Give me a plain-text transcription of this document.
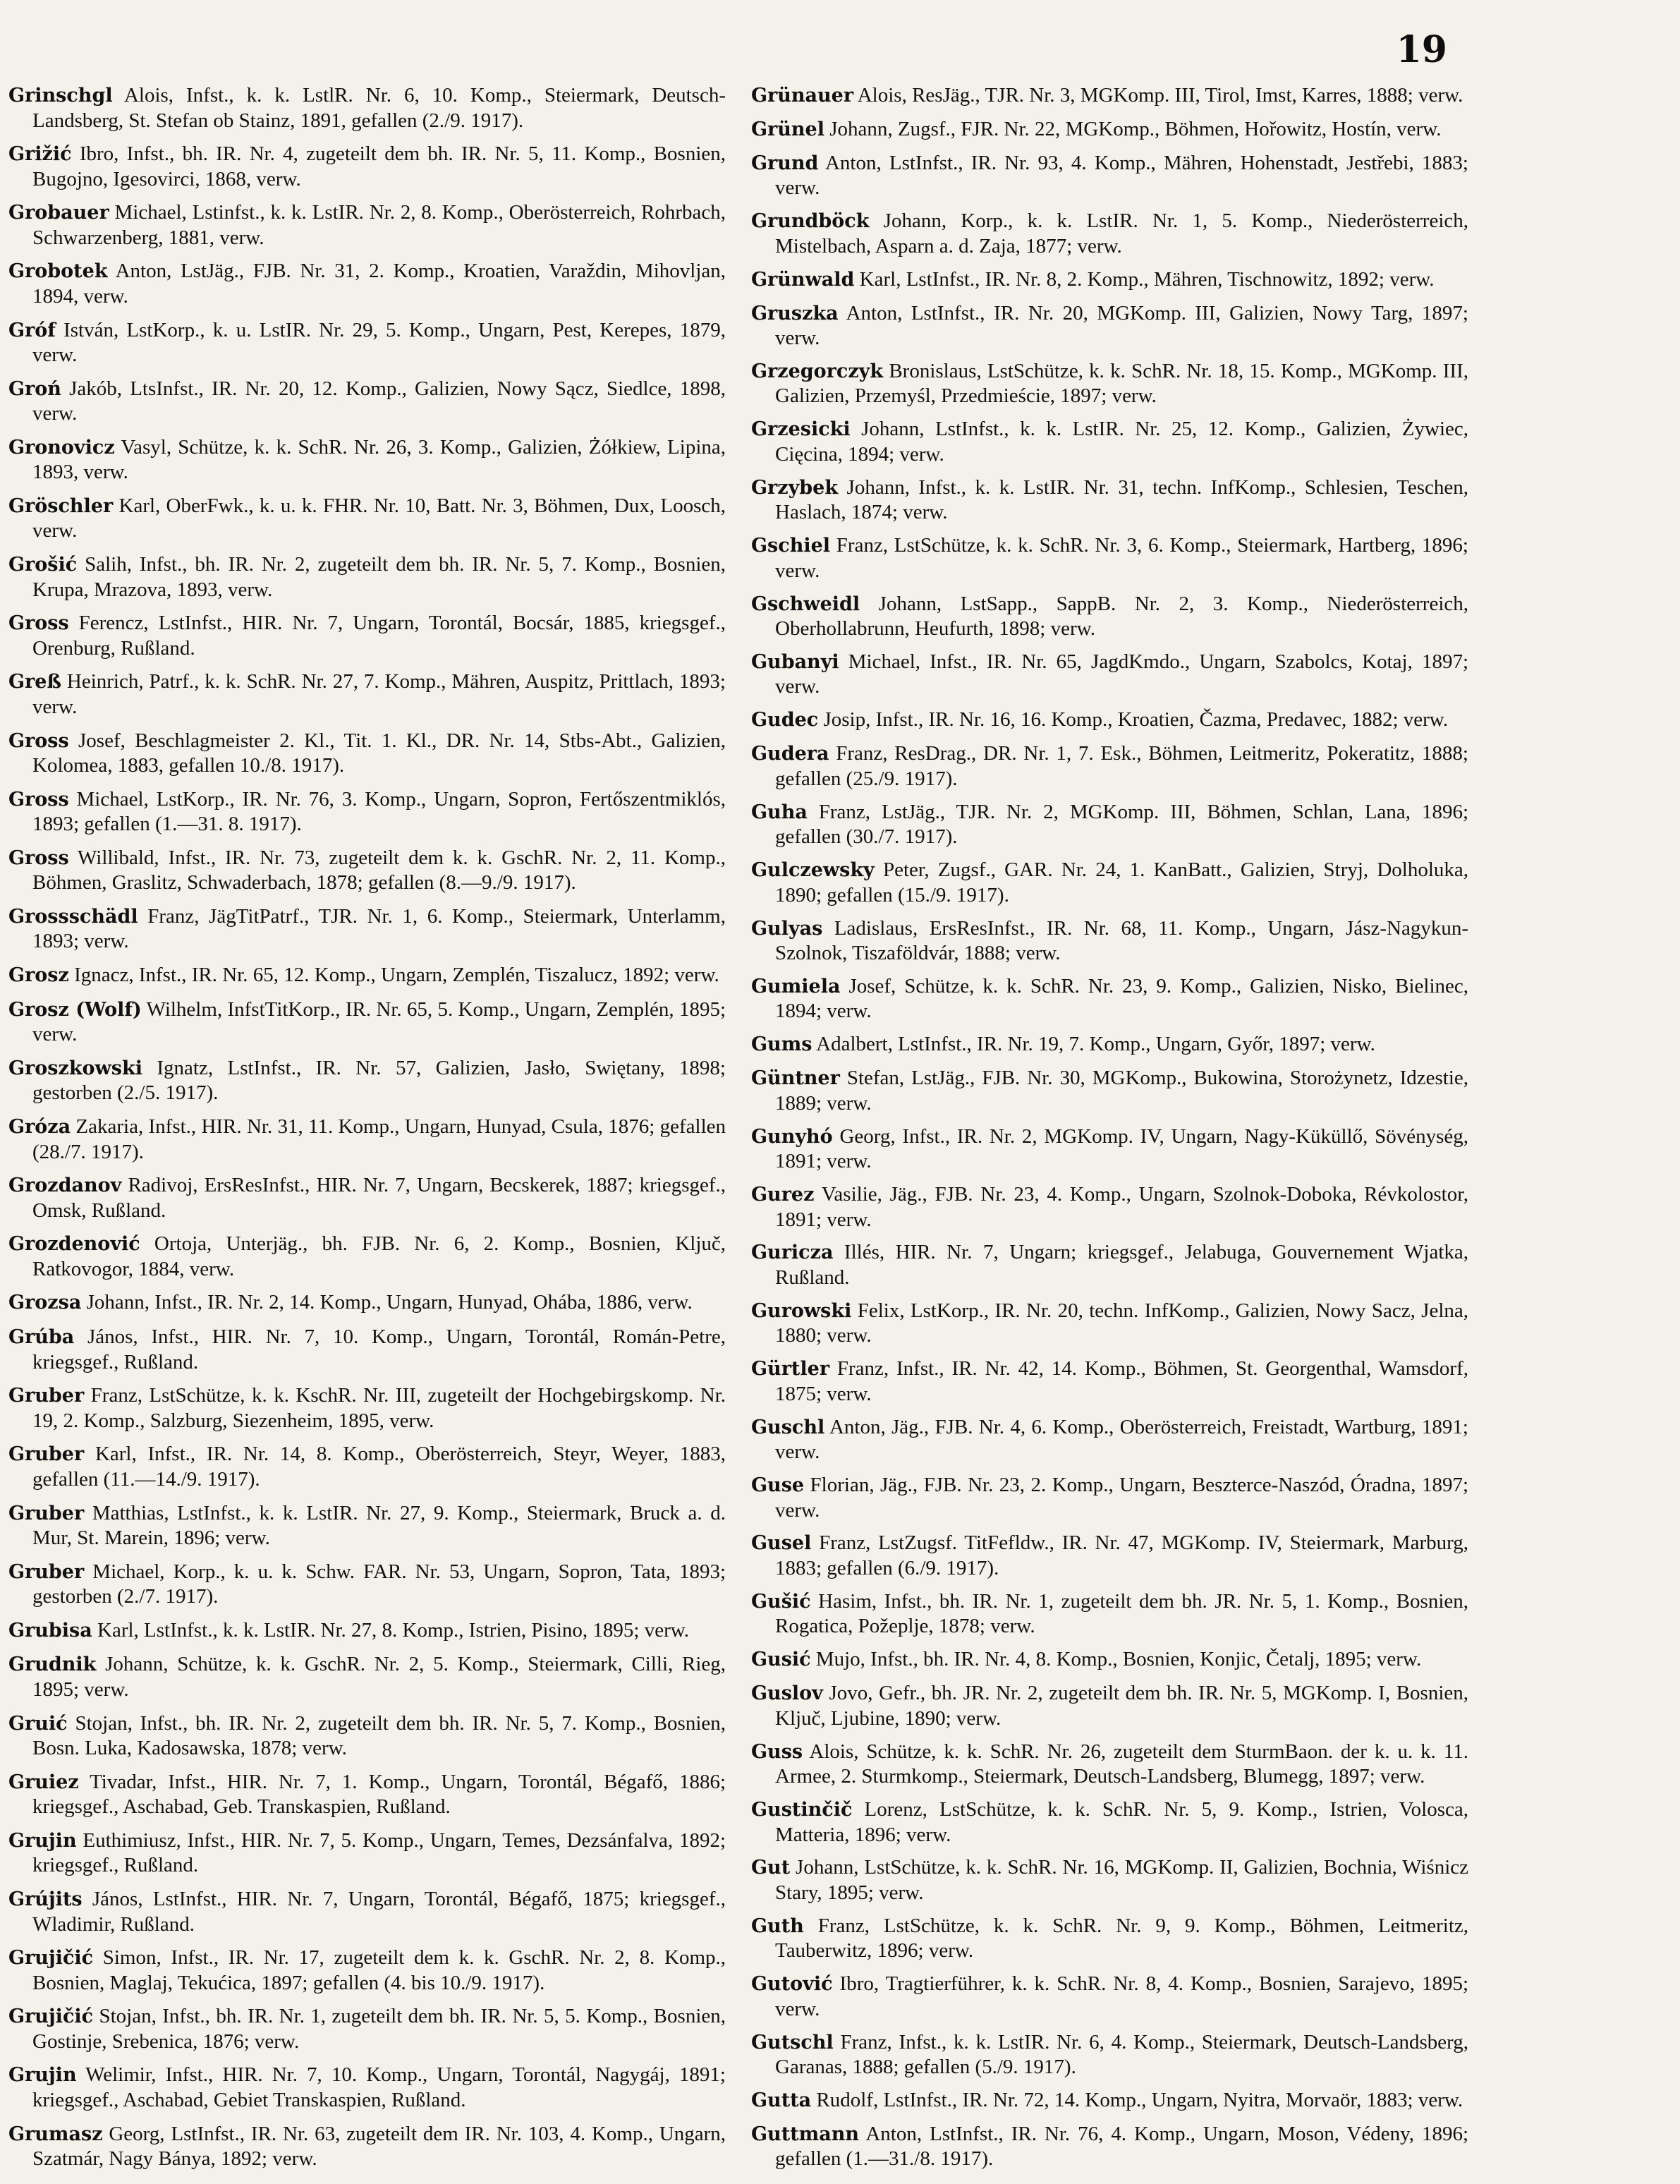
19

Grinschgl Alois, Infst., k. k. LstlR. Nr. 6, 10. Komp., Steiermark, Deutsch-Landsberg, St. Stefan ob Stainz, 1891, gefallen (2./9. 1917).

Grižić Ibro, Infst., bh. IR. Nr. 4, zugeteilt dem bh. IR. Nr. 5, 11. Komp., Bosnien, Bugojno, Igesovirci, 1868, verw.

Grobauer Michael, Lstinfst., k. k. LstIR. Nr. 2, 8. Komp., Oberösterreich, Rohrbach, Schwarzenberg, 1881, verw.

Grobotek Anton, LstJäg., FJB. Nr. 31, 2. Komp., Kroatien, Varaždin, Mihovljan, 1894, verw.

Gróf István, LstKorp., k. u. LstIR. Nr. 29, 5. Komp., Ungarn, Pest, Kerepes, 1879, verw.

Groń Jakób, LtsInfst., IR. Nr. 20, 12. Komp., Galizien, Nowy Sącz, Siedlce, 1898, verw.

Gronovicz Vasyl, Schütze, k. k. SchR. Nr. 26, 3. Komp., Galizien, Żółkiew, Lipina, 1893, verw.

Gröschler Karl, OberFwk., k. u. k. FHR. Nr. 10, Batt. Nr. 3, Böhmen, Dux, Loosch, verw.

Grošić Salih, Infst., bh. IR. Nr. 2, zugeteilt dem bh. IR. Nr. 5, 7. Komp., Bosnien, Krupa, Mrazova, 1893, verw.

Gross Ferencz, LstInfst., HIR. Nr. 7, Ungarn, Torontál, Bocsár, 1885, kriegsgef., Orenburg, Rußland.

Greß Heinrich, Patrf., k. k. SchR. Nr. 27, 7. Komp., Mähren, Auspitz, Prittlach, 1893; verw.

Gross Josef, Beschlagmeister 2. Kl., Tit. 1. Kl., DR. Nr. 14, Stbs-Abt., Galizien, Kolomea, 1883, gefallen 10./8. 1917).

Gross Michael, LstKorp., IR. Nr. 76, 3. Komp., Ungarn, Sopron, Fertőszentmiklós, 1893; gefallen (1.—31. 8. 1917).

Gross Willibald, Infst., IR. Nr. 73, zugeteilt dem k. k. GschR. Nr. 2, 11. Komp., Böhmen, Graslitz, Schwaderbach, 1878; gefallen (8.—9./9. 1917).

Grossschädl Franz, JägTitPatrf., TJR. Nr. 1, 6. Komp., Steiermark, Unterlamm, 1893; verw.

Grosz Ignacz, Infst., IR. Nr. 65, 12. Komp., Ungarn, Zemplén, Tiszalucz, 1892; verw.

Grosz (Wolf) Wilhelm, InfstTitKorp., IR. Nr. 65, 5. Komp., Ungarn, Zemplén, 1895; verw.

Groszkowski Ignatz, LstInfst., IR. Nr. 57, Galizien, Jasło, Swiętany, 1898; gestorben (2./5. 1917).

Gróza Zakaria, Infst., HIR. Nr. 31, 11. Komp., Ungarn, Hunyad, Csula, 1876; gefallen (28./7. 1917).

Grozdanov Radivoj, ErsResInfst., HIR. Nr. 7, Ungarn, Becskerek, 1887; kriegsgef., Omsk, Rußland.

Grozdenović Ortoja, Unterjäg., bh. FJB. Nr. 6, 2. Komp., Bosnien, Ključ, Ratkovogor, 1884, verw.

Grozsa Johann, Infst., IR. Nr. 2, 14. Komp., Ungarn, Hunyad, Ohába, 1886, verw.

Grúba János, Infst., HIR. Nr. 7, 10. Komp., Ungarn, Torontál, Román-Petre, kriegsgef., Rußland.

Gruber Franz, LstSchütze, k. k. KschR. Nr. III, zugeteilt der Hochgebirgskomp. Nr. 19, 2. Komp., Salzburg, Siezenheim, 1895, verw.

Gruber Karl, Infst., IR. Nr. 14, 8. Komp., Oberösterreich, Steyr, Weyer, 1883, gefallen (11.—14./9. 1917).

Gruber Matthias, LstInfst., k. k. LstIR. Nr. 27, 9. Komp., Steiermark, Bruck a. d. Mur, St. Marein, 1896; verw.

Gruber Michael, Korp., k. u. k. Schw. FAR. Nr. 53, Ungarn, Sopron, Tata, 1893; gestorben (2./7. 1917).

Grubisa Karl, LstInfst., k. k. LstIR. Nr. 27, 8. Komp., Istrien, Pisino, 1895; verw.

Grudnik Johann, Schütze, k. k. GschR. Nr. 2, 5. Komp., Steiermark, Cilli, Rieg, 1895; verw.

Gruić Stojan, Infst., bh. IR. Nr. 2, zugeteilt dem bh. IR. Nr. 5, 7. Komp., Bosnien, Bosn. Luka, Kadosawska, 1878; verw.

Gruiez Tivadar, Infst., HIR. Nr. 7, 1. Komp., Ungarn, Torontál, Bégafő, 1886; kriegsgef., Aschabad, Geb. Transkaspien, Rußland.

Grujin Euthimiusz, Infst., HIR. Nr. 7, 5. Komp., Ungarn, Temes, Dezsánfalva, 1892; kriegsgef., Rußland.

Grújits János, LstInfst., HIR. Nr. 7, Ungarn, Torontál, Bégafő, 1875; kriegsgef., Wladimir, Rußland.

Grujičić Simon, Infst., IR. Nr. 17, zugeteilt dem k. k. GschR. Nr. 2, 8. Komp., Bosnien, Maglaj, Tekućica, 1897; gefallen (4. bis 10./9. 1917).

Grujičić Stojan, Infst., bh. IR. Nr. 1, zugeteilt dem bh. IR. Nr. 5, 5. Komp., Bosnien, Gostinje, Srebenica, 1876; verw.

Grujin Welimir, Infst., HIR. Nr. 7, 10. Komp., Ungarn, Torontál, Nagygáj, 1891; kriegsgef., Aschabad, Gebiet Transkaspien, Rußland.

Grumasz Georg, LstInfst., IR. Nr. 63, zugeteilt dem IR. Nr. 103, 4. Komp., Ungarn, Szatmár, Nagy Bánya, 1892; verw.

Grünauer Alois, ResJäg., TJR. Nr. 3, MGKomp. III, Tirol, Imst, Karres, 1888; verw.

Grünel Johann, Zugsf., FJR. Nr. 22, MGKomp., Böhmen, Hořowitz, Hostín, verw.

Grund Anton, LstInfst., IR. Nr. 93, 4. Komp., Mähren, Hohenstadt, Jestřebi, 1883; verw.

Grundböck Johann, Korp., k. k. LstIR. Nr. 1, 5. Komp., Niederösterreich, Mistelbach, Asparn a. d. Zaja, 1877; verw.

Grünwald Karl, LstInfst., IR. Nr. 8, 2. Komp., Mähren, Tischnowitz, 1892; verw.

Gruszka Anton, LstInfst., IR. Nr. 20, MGKomp. III, Galizien, Nowy Targ, 1897; verw.

Grzegorczyk Bronislaus, LstSchütze, k. k. SchR. Nr. 18, 15. Komp., MGKomp. III, Galizien, Przemyśl, Przedmieście, 1897; verw.

Grzesicki Johann, LstInfst., k. k. LstIR. Nr. 25, 12. Komp., Galizien, Żywiec, Cięcina, 1894; verw.

Grzybek Johann, Infst., k. k. LstIR. Nr. 31, techn. InfKomp., Schlesien, Teschen, Haslach, 1874; verw.

Gschiel Franz, LstSchütze, k. k. SchR. Nr. 3, 6. Komp., Steiermark, Hartberg, 1896; verw.

Gschweidl Johann, LstSapp., SappB. Nr. 2, 3. Komp., Niederösterreich, Oberhollabrunn, Heufurth, 1898; verw.

Gubanyi Michael, Infst., IR. Nr. 65, JagdKmdo., Ungarn, Szabolcs, Kotaj, 1897; verw.

Gudec Josip, Infst., IR. Nr. 16, 16. Komp., Kroatien, Čazma, Predavec, 1882; verw.

Gudera Franz, ResDrag., DR. Nr. 1, 7. Esk., Böhmen, Leitmeritz, Pokeratitz, 1888; gefallen (25./9. 1917).

Guha Franz, LstJäg., TJR. Nr. 2, MGKomp. III, Böhmen, Schlan, Lana, 1896; gefallen (30./7. 1917).

Gulczewsky Peter, Zugsf., GAR. Nr. 24, 1. KanBatt., Galizien, Stryj, Dolholuka, 1890; gefallen (15./9. 1917).

Gulyas Ladislaus, ErsResInfst., IR. Nr. 68, 11. Komp., Ungarn, Jász-Nagykun-Szolnok, Tiszaföldvár, 1888; verw.

Gumiela Josef, Schütze, k. k. SchR. Nr. 23, 9. Komp., Galizien, Nisko, Bielinec, 1894; verw.

Gums Adalbert, LstInfst., IR. Nr. 19, 7. Komp., Ungarn, Győr, 1897; verw.

Güntner Stefan, LstJäg., FJB. Nr. 30, MGKomp., Bukowina, Storożynetz, Idzestie, 1889; verw.

Gunyhó Georg, Infst., IR. Nr. 2, MGKomp. IV, Ungarn, Nagy-Küküllő, Sövénység, 1891; verw.

Gurez Vasilie, Jäg., FJB. Nr. 23, 4. Komp., Ungarn, Szolnok-Doboka, Révkolostor, 1891; verw.

Guricza Illés, HIR. Nr. 7, Ungarn; kriegsgef., Jelabuga, Gouvernement Wjatka, Rußland.

Gurowski Felix, LstKorp., IR. Nr. 20, techn. InfKomp., Galizien, Nowy Sacz, Jelna, 1880; verw.

Gürtler Franz, Infst., IR. Nr. 42, 14. Komp., Böhmen, St. Georgenthal, Wamsdorf, 1875; verw.

Guschl Anton, Jäg., FJB. Nr. 4, 6. Komp., Oberösterreich, Freistadt, Wartburg, 1891; verw.

Guse Florian, Jäg., FJB. Nr. 23, 2. Komp., Ungarn, Beszterce-Naszód, Óradna, 1897; verw.

Gusel Franz, LstZugsf. TitFefldw., IR. Nr. 47, MGKomp. IV, Steiermark, Marburg, 1883; gefallen (6./9. 1917).

Gušić Hasim, Infst., bh. IR. Nr. 1, zugeteilt dem bh. JR. Nr. 5, 1. Komp., Bosnien, Rogatica, Požeplje, 1878; verw.

Gusić Mujo, Infst., bh. IR. Nr. 4, 8. Komp., Bosnien, Konjic, Četalj, 1895; verw.

Guslov Jovo, Gefr., bh. JR. Nr. 2, zugeteilt dem bh. IR. Nr. 5, MGKomp. I, Bosnien, Ključ, Ljubine, 1890; verw.

Guss Alois, Schütze, k. k. SchR. Nr. 26, zugeteilt dem SturmBaon. der k. u. k. 11. Armee, 2. Sturmkomp., Steiermark, Deutsch-Landsberg, Blumegg, 1897; verw.

Gustinčič Lorenz, LstSchütze, k. k. SchR. Nr. 5, 9. Komp., Istrien, Volosca, Matteria, 1896; verw.

Gut Johann, LstSchütze, k. k. SchR. Nr. 16, MGKomp. II, Galizien, Bochnia, Wiśnicz Stary, 1895; verw.

Guth Franz, LstSchütze, k. k. SchR. Nr. 9, 9. Komp., Böhmen, Leitmeritz, Tauberwitz, 1896; verw.

Gutović Ibro, Tragtierführer, k. k. SchR. Nr. 8, 4. Komp., Bosnien, Sarajevo, 1895; verw.

Gutschl Franz, Infst., k. k. LstIR. Nr. 6, 4. Komp., Steiermark, Deutsch-Landsberg, Garanas, 1888; gefallen (5./9. 1917).

Gutta Rudolf, LstInfst., IR. Nr. 72, 14. Komp., Ungarn, Nyitra, Morvaör, 1883; verw.

Guttmann Anton, LstInfst., IR. Nr. 76, 4. Komp., Ungarn, Moson, Védeny, 1896; gefallen (1.—31./8. 1917).
